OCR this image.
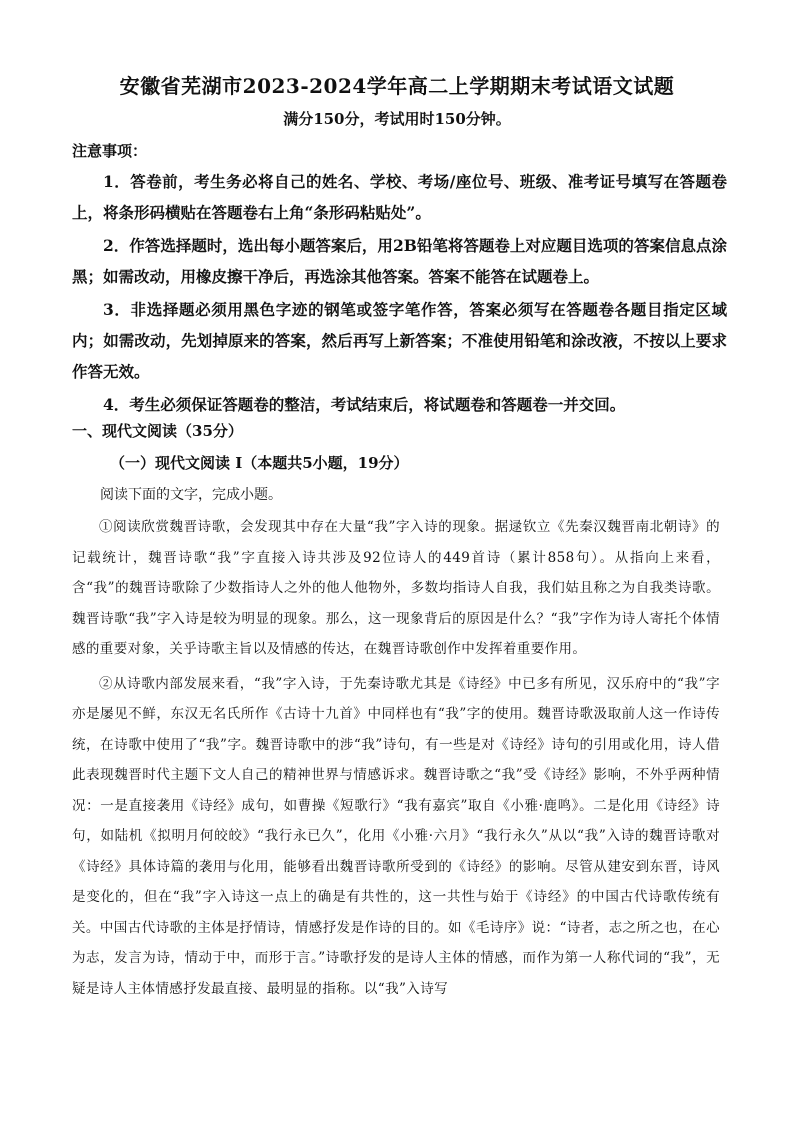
安徽省芜湖市2023-2024学年高二上学期期末考试语文试题
满分150分，考试用时150分钟。
注意事项：

1．答卷前，考生务必将自己的姓名、学校、考场/座位号、班级、准考证号填写在答题卷上，将条形码横贴在答题卷右上角“条形码粘贴处”。

2．作答选择题时，选出每小题答案后，用2B铅笔将答题卷上对应题目选项的答案信息点涂黑；如需改动，用橡皮擦干净后，再选涂其他答案。答案不能答在试题卷上。

3．非选择题必须用黑色字迹的钢笔或签字笔作答，答案必须写在答题卷各题目指定区域内；如需改动，先划掉原来的答案，然后再写上新答案；不准使用铅笔和涂改液，不按以上要求作答无效。

4．考生必须保证答题卷的整洁，考试结束后，将试题卷和答题卷一并交回。

一、现代文阅读（35分）
（一）现代文阅读 I（本题共5小题，19分）
阅读下面的文字，完成小题。

①阅读欣赏魏晋诗歌，会发现其中存在大量“我”字入诗的现象。据逯钦立《先秦汉魏晋南北朝诗》的记载统计，魏晋诗歌“我”字直接入诗共涉及92位诗人的449首诗（累计858句）。从指向上来看，含“我”的魏晋诗歌除了少数指诗人之外的他人他物外，多数均指诗人自我，我们姑且称之为自我类诗歌。魏晋诗歌“我”字入诗是较为明显的现象。那么，这一现象背后的原因是什么？“我”字作为诗人寄托个体情感的重要对象，关乎诗歌主旨以及情感的传达，在魏晋诗歌创作中发挥着重要作用。

②从诗歌内部发展来看，“我”字入诗，于先秦诗歌尤其是《诗经》中已多有所见，汉乐府中的“我”字亦是屡见不鲜，东汉无名氏所作《古诗十九首》中同样也有“我”字的使用。魏晋诗歌汲取前人这一作诗传统，在诗歌中使用了“我”字。魏晋诗歌中的涉“我”诗句，有一些是对《诗经》诗句的引用或化用，诗人借此表现魏晋时代主题下文人自己的精神世界与情感诉求。魏晋诗歌之“我”受《诗经》影响，不外乎两种情况：一是直接袭用《诗经》成句，如曹操《短歌行》“我有嘉宾”取自《小雅·鹿鸣》。二是化用《诗经》诗句，如陆机《拟明月何皎皎》“我行永已久”，化用《小雅·六月》“我行永久”从以“我”入诗的魏晋诗歌对《诗经》具体诗篇的袭用与化用，能够看出魏晋诗歌所受到的《诗经》的影响。尽管从建安到东晋，诗风是变化的，但在“我”字入诗这一点上的确是有共性的，这一共性与始于《诗经》的中国古代诗歌传统有关。中国古代诗歌的主体是抒情诗，情感抒发是作诗的目的。如《毛诗序》说：“诗者，志之所之也，在心为志，发言为诗，情动于中，而形于言。”诗歌抒发的是诗人主体的情感，而作为第一人称代词的“我”，无疑是诗人主体情感抒发最直接、最明显的指称。以“我”入诗写
